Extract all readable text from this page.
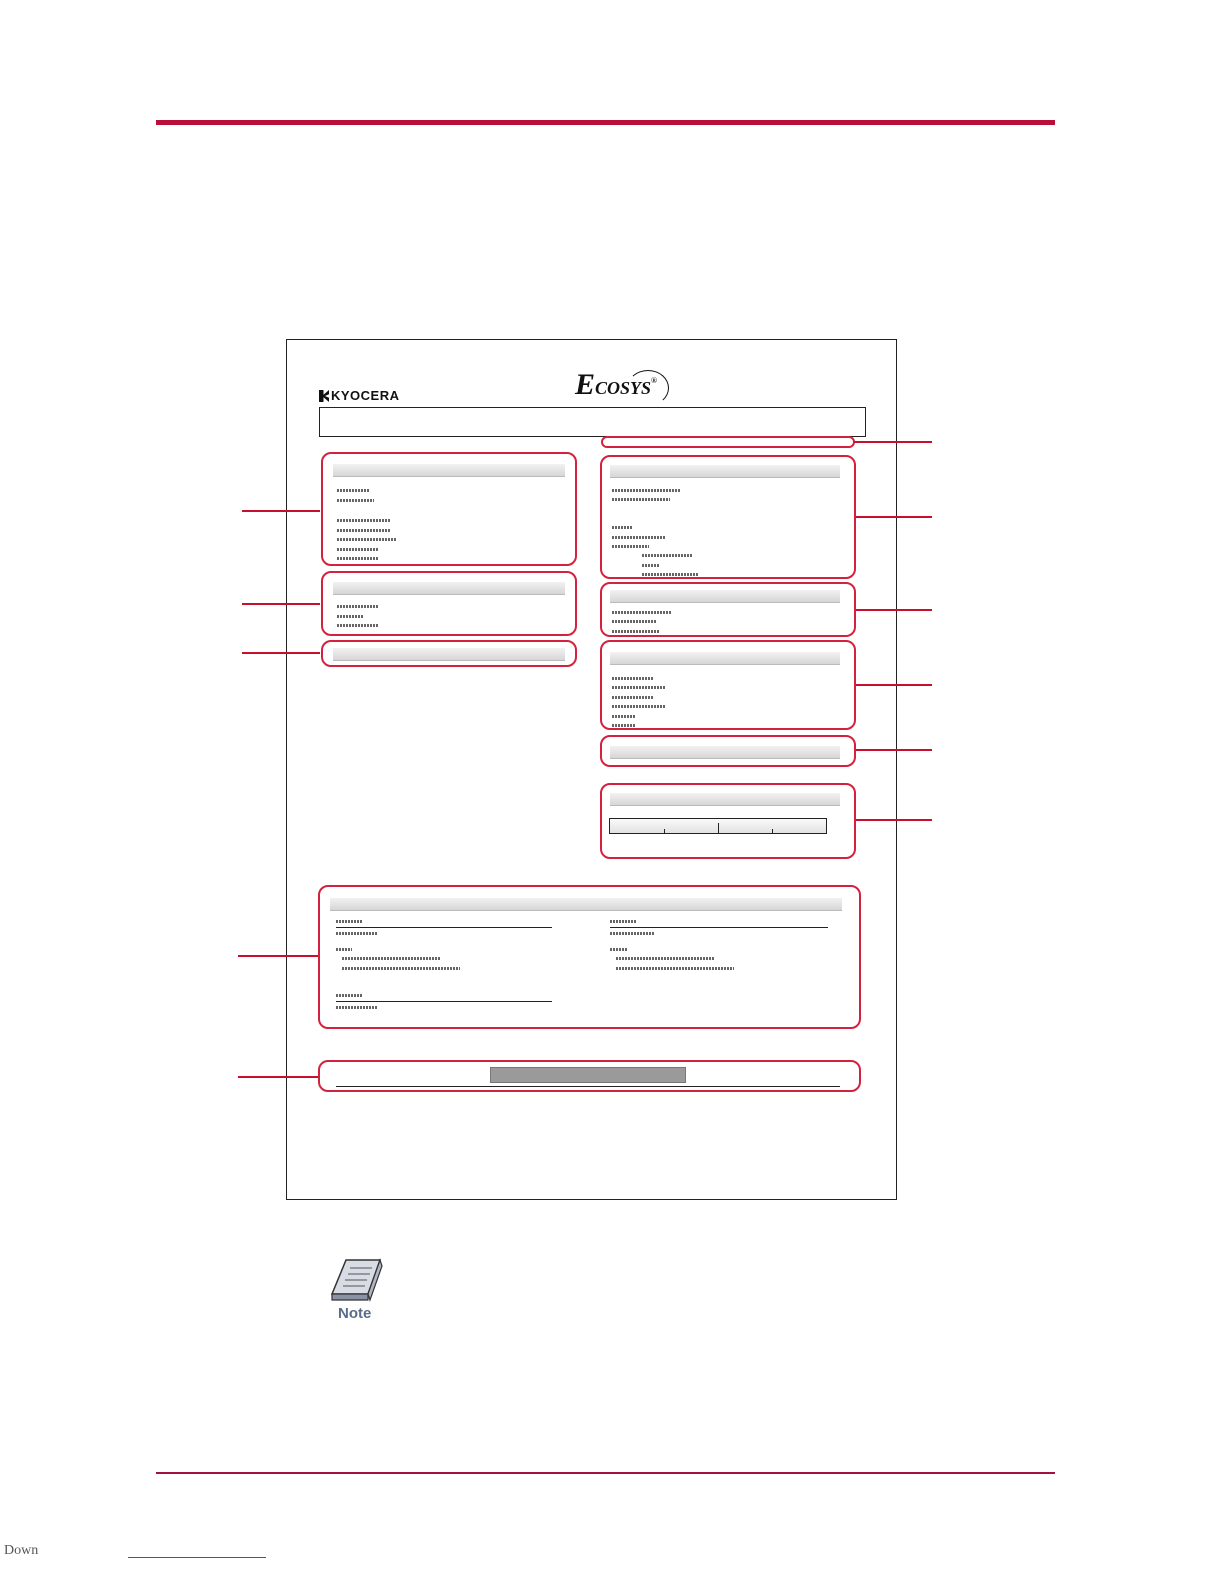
KYOCERA	ECOSYS®
Note
Down
